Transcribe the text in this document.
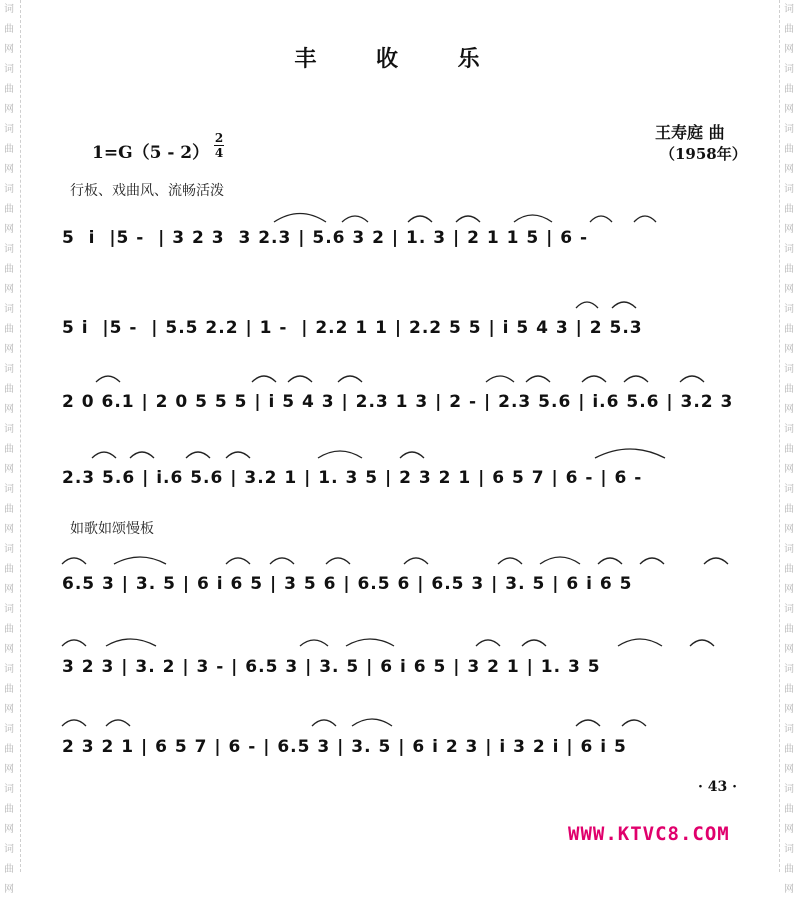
词曲网词曲网词曲网词曲网词曲网词曲网词曲网词曲网词曲网词曲网词曲网词曲网词曲网词曲网词曲网
词曲网词曲网词曲网词曲网词曲网词曲网词曲网词曲网词曲网词曲网词曲网词曲网词曲网词曲网词曲网
丰 收 乐
王寿庭 曲
（1958年）
1=G（5 - 2）
2
4
行板、戏曲风、流畅活泼
5  i  |5 -  | 3 2 3  3 2.3 | 5.6 3 2 | 1. 3 | 2 1 1 5 | 6 -
5 i  |5 -  | 5.5 2.2 | 1 -  | 2.2 1 1 | 2.2 5 5 | i 5 4 3 | 2 5.3
2 0 6.1 | 2 0 5 5 5 | i 5 4 3 | 2.3 1 3 | 2 - | 2.3 5.6 | i.6 5.6 | 3.2 3
2.3 5.6 | i.6 5.6 | 3.2 1 | 1. 3 5 | 2 3 2 1 | 6 5 7 | 6 - | 6 -
如歌如颂慢板
6.5 3 | 3. 5 | 6 i 6 5 | 3 5 6 | 6.5 6 | 6.5 3 | 3. 5 | 6 i 6 5
3 2 3 | 3. 2 | 3 - | 6.5 3 | 3. 5 | 6 i 6 5 | 3 2 1 | 1. 3 5
2 3 2 1 | 6 5 7 | 6 - | 6.5 3 | 3. 5 | 6 i 2 3 | i 3 2 i | 6 i 5
· 43 ·
WWW.KTVC8.COM
